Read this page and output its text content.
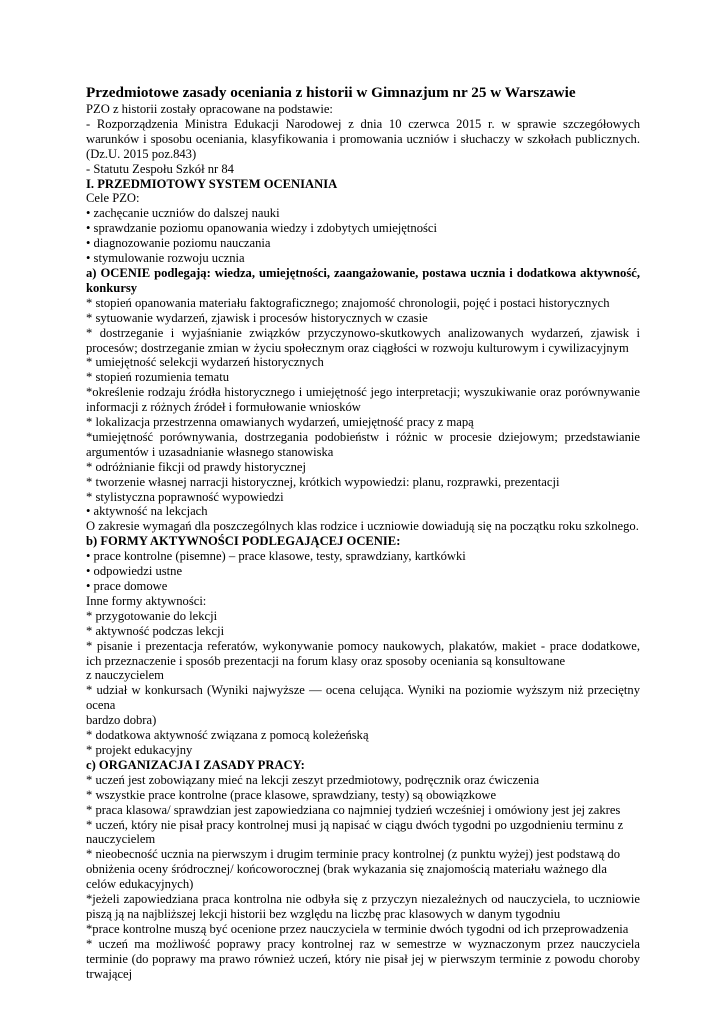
Przedmiotowe zasady oceniania z historii w Gimnazjum nr 25 w Warszawie

PZO z historii zostały opracowane na podstawie:

- Rozporządzenia Ministra Edukacji Narodowej z dnia 10 czerwca 2015 r. w sprawie szczegółowych warunków i sposobu oceniania, klasyfikowania i promowania uczniów i słuchaczy w szkołach publicznych. (Dz.U. 2015 poz.843)

- Statutu Zespołu Szkół nr 84

I. PRZEDMIOTOWY SYSTEM OCENIANIA

Cele PZO:

• zachęcanie uczniów do dalszej nauki

• sprawdzanie poziomu opanowania wiedzy i zdobytych umiejętności

• diagnozowanie poziomu nauczania

• stymulowanie rozwoju ucznia

a) OCENIE podlegają: wiedza, umiejętności, zaangażowanie, postawa ucznia i dodatkowa aktywność, konkursy

* stopień opanowania materiału faktograficznego; znajomość chronologii, pojęć i postaci historycznych

* sytuowanie wydarzeń, zjawisk i procesów historycznych w czasie

* dostrzeganie i wyjaśnianie związków przyczynowo-skutkowych analizowanych wydarzeń, zjawisk i procesów; dostrzeganie zmian w życiu społecznym oraz ciągłości w rozwoju kulturowym i cywilizacyjnym

* umiejętność selekcji wydarzeń historycznych

* stopień rozumienia tematu

*określenie rodzaju źródła historycznego i umiejętność jego interpretacji; wyszukiwanie oraz porównywanie informacji z różnych źródeł i formułowanie wniosków

* lokalizacja przestrzenna omawianych wydarzeń, umiejętność pracy z mapą

*umiejętność porównywania, dostrzegania podobieństw i różnic w procesie dziejowym; przedstawianie argumentów i uzasadnianie własnego stanowiska

* odróżnianie fikcji od prawdy historycznej

* tworzenie własnej narracji historycznej, krótkich wypowiedzi: planu, rozprawki, prezentacji

* stylistyczna poprawność wypowiedzi

• aktywność na lekcjach

O zakresie wymagań dla poszczególnych klas rodzice i uczniowie dowiadują się na początku roku szkolnego.

b) FORMY AKTYWNOŚCI PODLEGAJĄCEJ OCENIE:

• prace kontrolne (pisemne) – prace klasowe, testy, sprawdziany, kartkówki

• odpowiedzi ustne

• prace domowe

Inne formy aktywności:

* przygotowanie do lekcji

* aktywność podczas lekcji

* pisanie i prezentacja referatów, wykonywanie pomocy naukowych, plakatów, makiet - prace dodatkowe, ich przeznaczenie i sposób prezentacji na forum klasy oraz sposoby oceniania są konsultowane

z nauczycielem

* udział w konkursach (Wyniki najwyższe — ocena celująca. Wyniki na poziomie wyższym niż przeciętny ocena

bardzo dobra)

* dodatkowa aktywność związana z pomocą koleżeńską

* projekt edukacyjny

c) ORGANIZACJA I ZASADY PRACY:

* uczeń jest zobowiązany mieć na lekcji zeszyt przedmiotowy, podręcznik oraz ćwiczenia

* wszystkie prace kontrolne (prace klasowe, sprawdziany, testy) są obowiązkowe

* praca klasowa/ sprawdzian jest zapowiedziana co najmniej tydzień wcześniej i omówiony jest jej zakres

* uczeń, który nie pisał pracy kontrolnej musi ją napisać w ciągu dwóch tygodni po uzgodnieniu terminu z nauczycielem

* nieobecność ucznia na pierwszym i drugim terminie pracy kontrolnej (z punktu wyżej) jest podstawą do obniżenia oceny śródrocznej/ końcoworocznej (brak wykazania się znajomością materiału ważnego dla celów edukacyjnych)

*jeżeli zapowiedziana praca kontrolna nie odbyła się z przyczyn niezależnych od nauczyciela, to uczniowie piszą ją na najbliższej lekcji historii bez względu na liczbę prac klasowych w danym tygodniu

*prace kontrolne muszą być ocenione przez nauczyciela w terminie dwóch tygodni od ich przeprowadzenia

* uczeń ma możliwość poprawy pracy kontrolnej raz w semestrze w wyznaczonym przez nauczyciela terminie (do poprawy ma prawo również uczeń, który nie pisał jej w pierwszym terminie z powodu choroby trwającej
